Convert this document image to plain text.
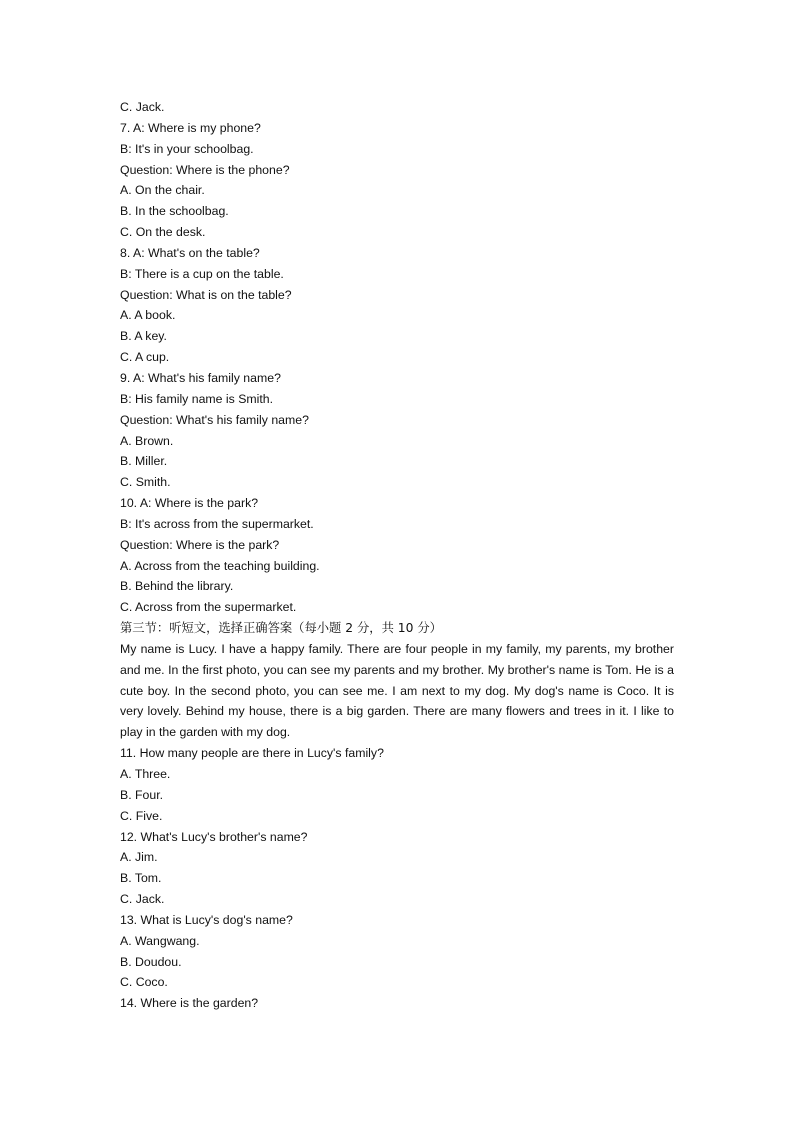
C. Jack.
7. A: Where is my phone?
B: It's in your schoolbag.
Question: Where is the phone?
A. On the chair.
B. In the schoolbag.
C. On the desk.
8. A: What's on the table?
B: There is a cup on the table.
Question: What is on the table?
A. A book.
B. A key.
C. A cup.
9. A: What's his family name?
B: His family name is Smith.
Question: What's his family name?
A. Brown.
B. Miller.
C. Smith.
10. A: Where is the park?
B: It's across from the supermarket.
Question: Where is the park?
A. Across from the teaching building.
B. Behind the library.
C. Across from the supermarket.
第三节：听短文，选择正确答案（每小题 2 分，共 10 分）

My name is Lucy. I have a happy family. There are four people in my family, my parents, my brother and me. In the first photo, you can see my parents and my brother. My brother's name is Tom. He is a cute boy. In the second photo, you can see me. I am next to my dog. My dog's name is Coco. It is very lovely. Behind my house, there is a big garden. There are many flowers and trees in it. I like to play in the garden with my dog.

11. How many people are there in Lucy's family?
A. Three.
B. Four.
C. Five.
12. What's Lucy's brother's name?
A. Jim.
B. Tom.
C. Jack.
13. What is Lucy's dog's name?
A. Wangwang.
B. Doudou.
C. Coco.
14. Where is the garden?
